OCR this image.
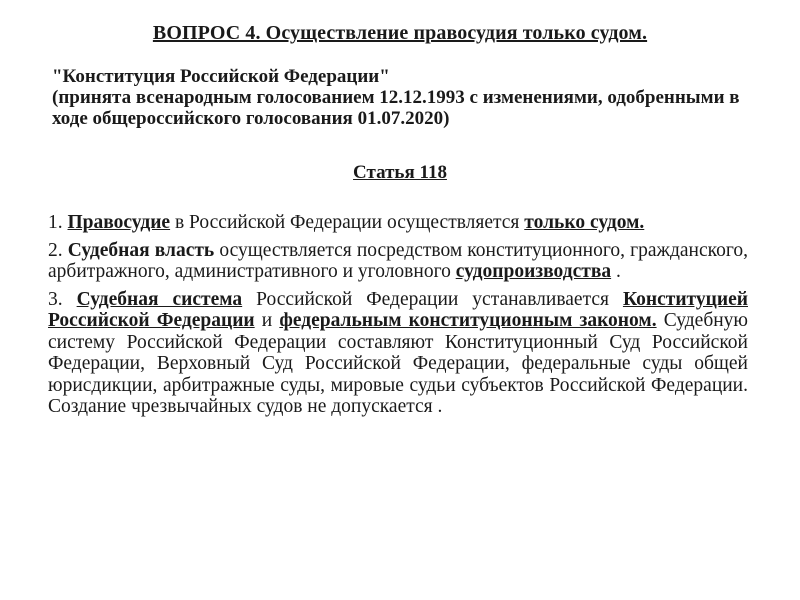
ВОПРОС 4. Осуществление правосудия только судом.
"Конституция Российской Федерации"
(принята всенародным голосованием 12.12.1993 с изменениями, одобренными в ходе общероссийского голосования 01.07.2020)
Статья 118

1. Правосудие в Российской Федерации осуществляется только судом.

2. Судебная власть осуществляется посредством конституционного, гражданского, арбитражного, административного и уголовного судопроизводства .

3. Судебная система Российской Федерации устанавливается Конституцией Российской Федерации и федеральным конституционным законом. Судебную систему Российской Федерации составляют Конституционный Суд Российской Федерации, Верховный Суд Российской Федерации, федеральные суды общей юрисдикции, арбитражные суды, мировые судьи субъектов Российской Федерации. Создание чрезвычайных судов не допускается .
